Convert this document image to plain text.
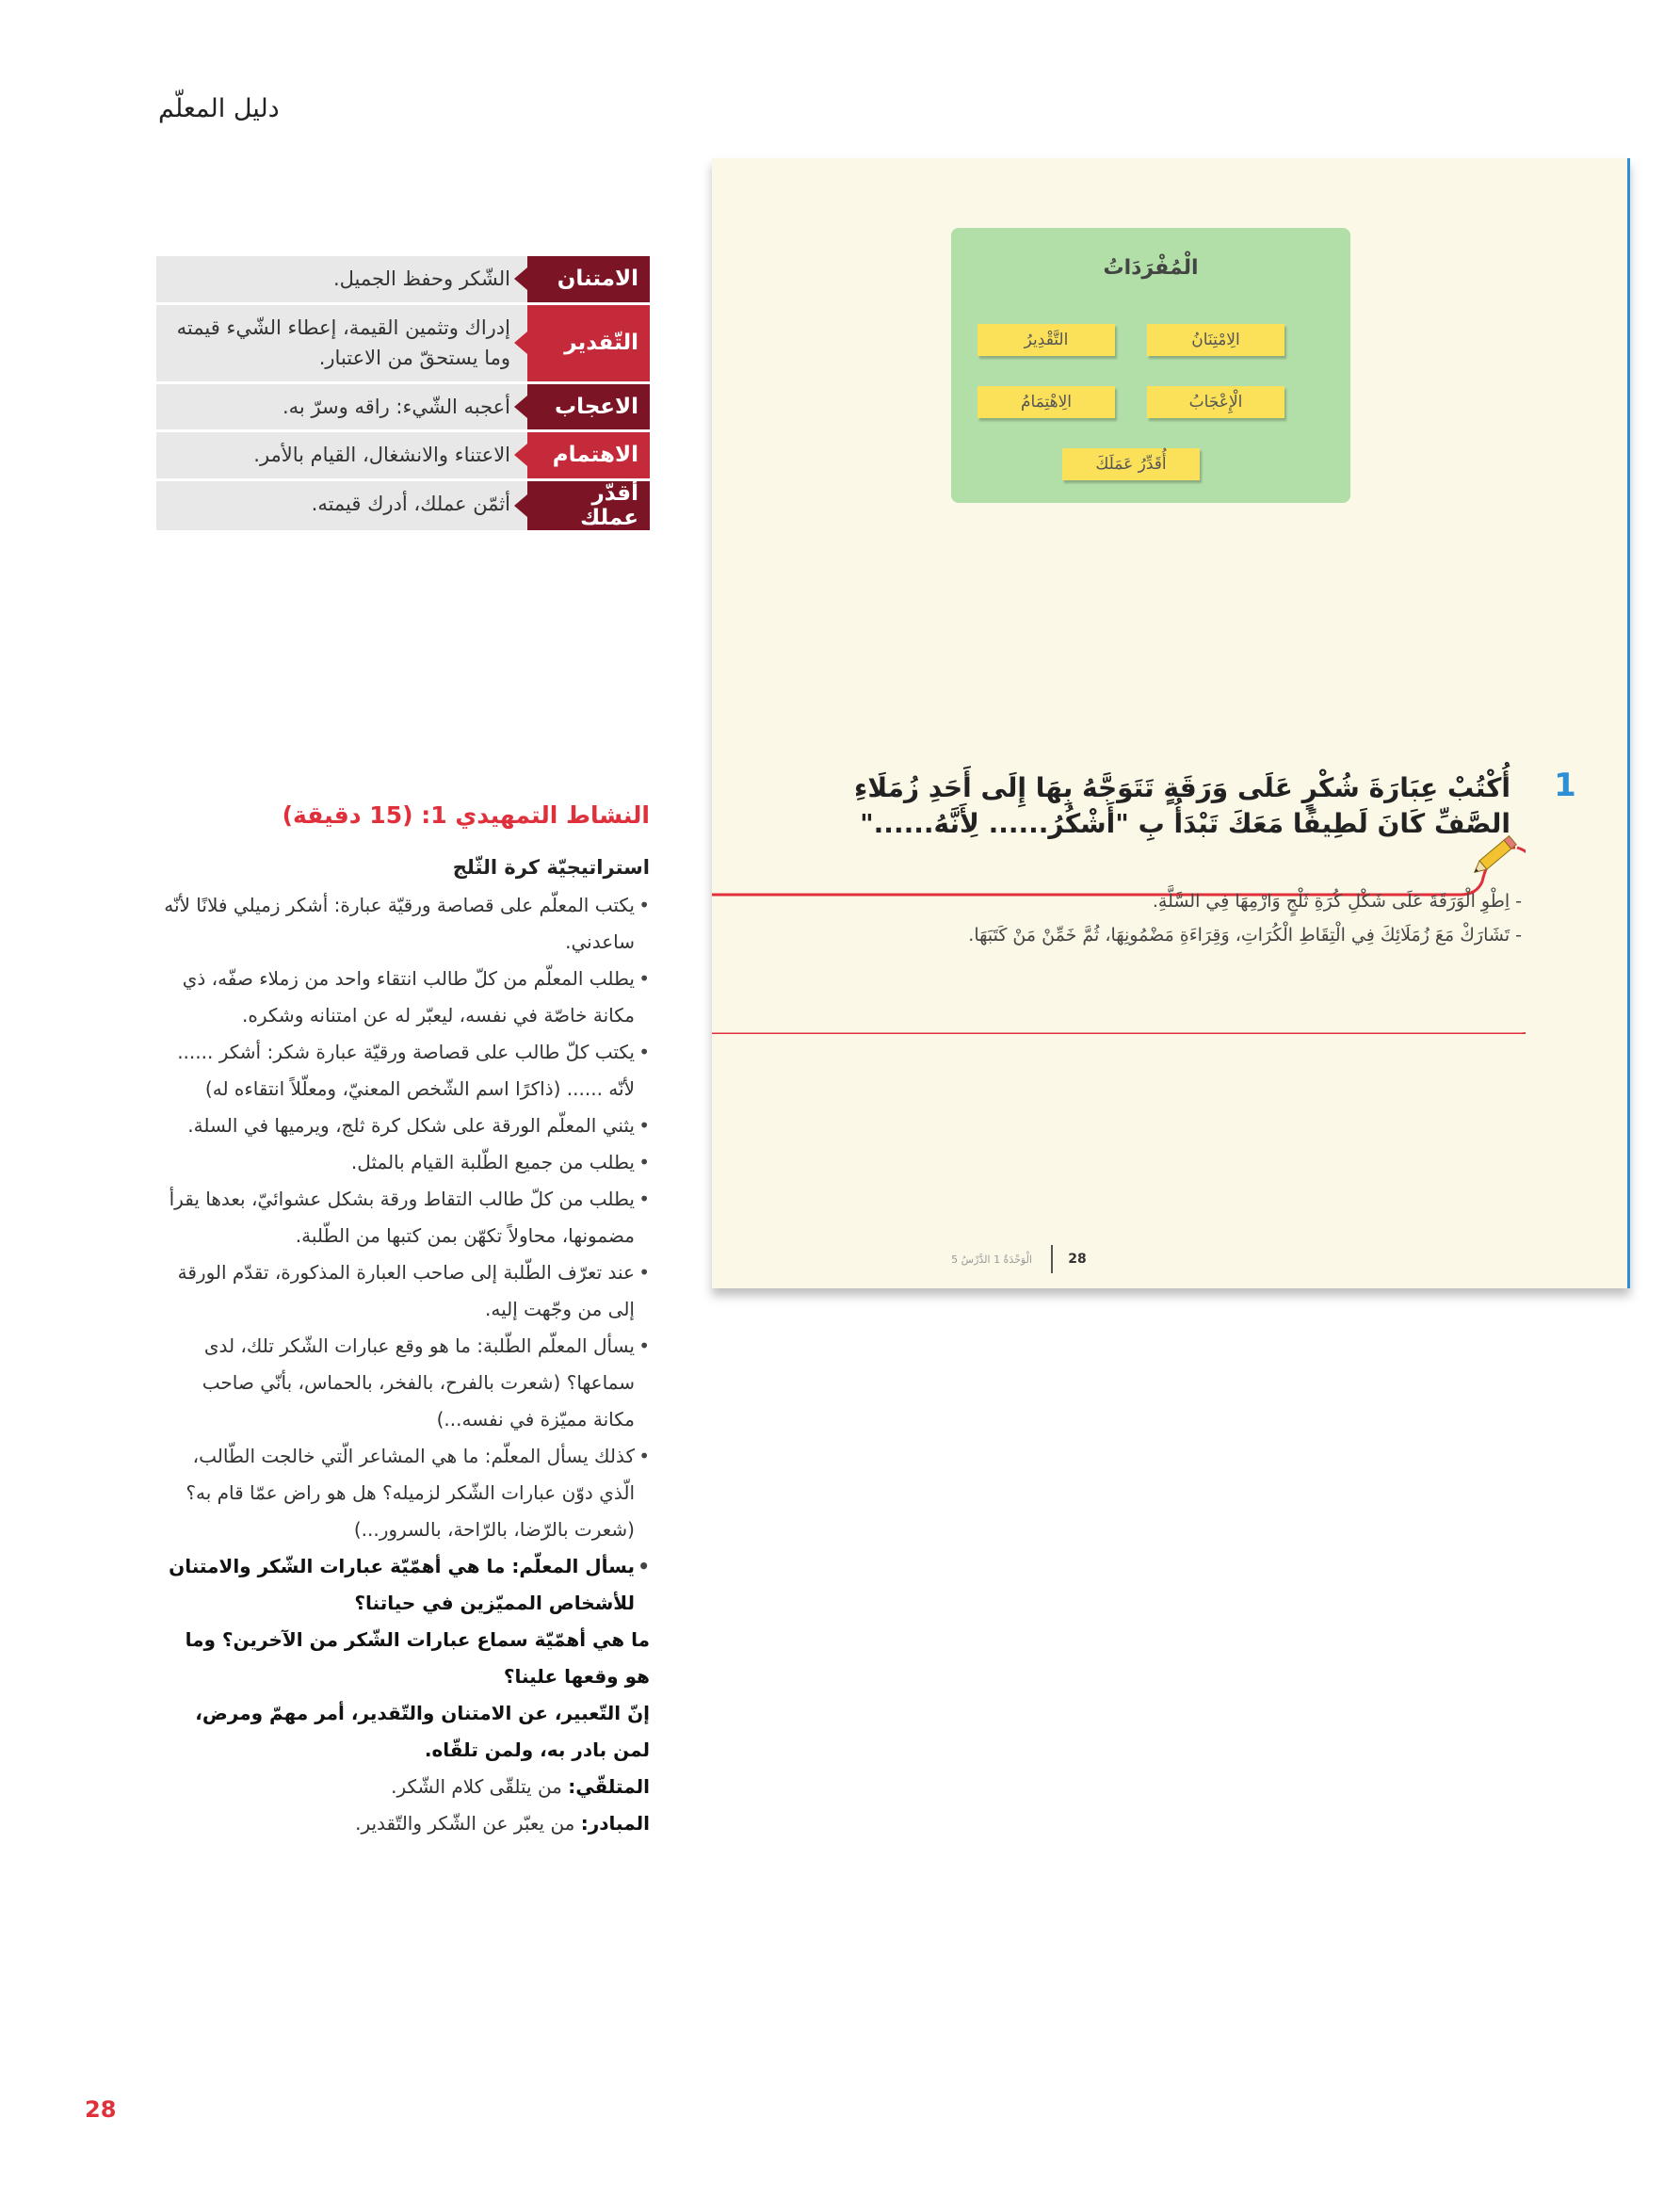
دليل المعلّم
الامتنان
الشّكر وحفظ الجميل.
التّقدير
إدراك وتثمين القيمة، إعطاء الشّيء قيمته وما يستحقّ من الاعتبار.
الاعجاب
أعجبه الشّيء: راقه وسرّ به.
الاهتمام
الاعتناء والانشغال، القيام بالأمر.
أقدّر عملك
أثمّن عملك، أدرك قيمته.
الْمُفْرَدَاتُ
الِامْتِنَانُ
التَّقْدِيرُ
الْإِعْجَابُ
الِاهْتِمَامُ
أُقَدِّرُ عَمَلَكَ
1
أُكْتُبْ عِبَارَةَ شُكْرٍ عَلَى وَرَقَةٍ تَتَوَجَّهُ بِهَا إِلَى أَحَدِ زُمَلَاءِ الصَّفِّ كَانَ لَطِيفًا مَعَكَ تَبْدَأُ بِ "أَشْكُرُ...... لِأَنَّهُ......"
- اِطْوِ الْوَرَقَةَ عَلَى شَكْلِ كُرَةِ ثَلْجٍ وَارْمِهَا فِي السَّلَّةِ.
- تَشَارَكْ مَعَ زُمَلَائِكَ فِي الْتِقَاطِ الْكُرَاتِ، وَقِرَاءَةِ مَضْمُونِهَا، ثُمَّ خَمِّنْ مَنْ كَتَبَهَا.
28
الْوَحْدَةُ 1 الدَّرْسُ 5
النشاط التمهيدي 1: (15 دقيقة)
استراتيجيّة كرة الثّلج
•
يكتب المعلّم على قصاصة ورقيّة عبارة: أشكر زميلي فلانًا لأنّه ساعدني.
•
يطلب المعلّم من كلّ طالب انتقاء واحد من زملاء صفّه، ذي مكانة خاصّة في نفسه، ليعبّر له عن امتنانه وشكره.
•
يكتب كلّ طالب على قصاصة ورقيّة عبارة شكر: أشكر ...... لأنّه ...... (ذاكرًا اسم الشّخص المعنيّ، ومعلّلاً انتقاءه له)
•
يثني المعلّم الورقة على شكل كرة ثلج، ويرميها في السلة.
•
يطلب من جميع الطّلبة القيام بالمثل.
•
يطلب من كلّ طالب التقاط ورقة بشكل عشوائيّ، بعدها يقرأ مضمونها، محاولاً تكهّن بمن كتبها من الطّلبة.
•
عند تعرّف الطّلبة إلى صاحب العبارة المذكورة، تقدّم الورقة إلى من وجّهت إليه.
•
يسأل المعلّم الطّلبة: ما هو وقع عبارات الشّكر تلك، لدى سماعها؟ (شعرت بالفرح، بالفخر، بالحماس، بأنّي صاحب مكانة مميّزة في نفسه...)
•
كذلك يسأل المعلّم: ما هي المشاعر الّتي خالجت الطّالب، الّذي دوّن عبارات الشّكر لزميله؟ هل هو راض عمّا قام به؟ (شعرت بالرّضا، بالرّاحة، بالسرور...)
•
يسأل المعلّم: ما هي أهمّيّة عبارات الشّكر والامتنان للأشخاص المميّزين في حياتنا؟
ما هي أهمّيّة سماع عبارات الشّكر من الآخرين؟ وما هو وقعها علينا؟
إنّ التّعبير، عن الامتنان والتّقدير، أمر مهمّ ومرض، لمن بادر به، ولمن تلقّاه.
المتلقّي: من يتلقّى كلام الشّكر.
المبادر: من يعبّر عن الشّكر والتّقدير.
28
